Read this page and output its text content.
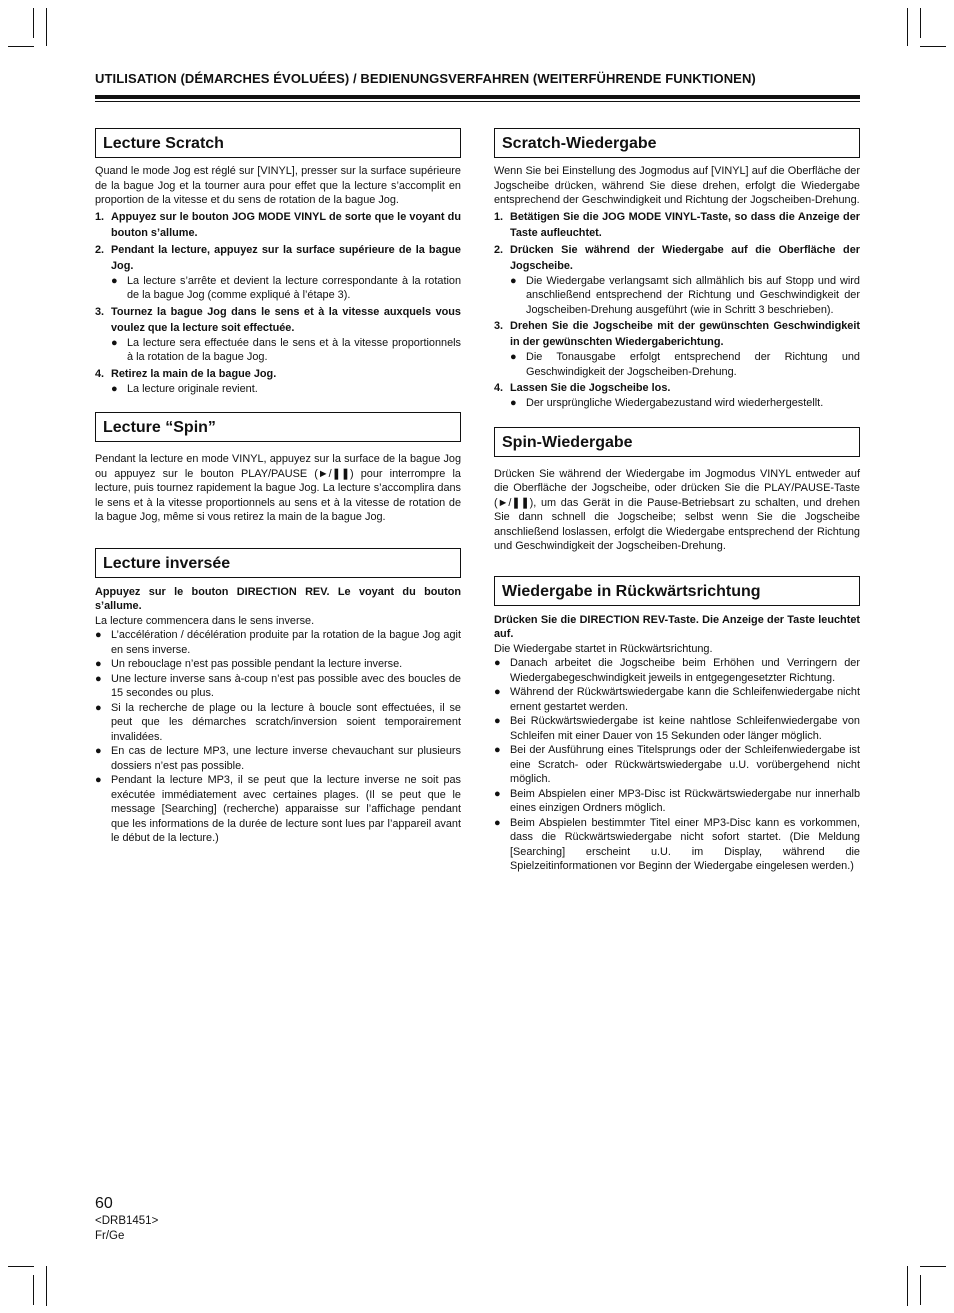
UTILISATION (DÉMARCHES ÉVOLUÉES) / BEDIENUNGSVERFAHREN (WEITERFÜHRENDE FUNKTIONEN)
Lecture Scratch

Quand le mode Jog est réglé sur [VINYL], presser sur la surface supérieure de la bague Jog et la tourner aura pour effet que la lecture s’accomplit en proportion de la vitesse et du sens de rotation de la bague Jog.

1. Appuyez sur le bouton JOG MODE VINYL de sorte que le voyant du bouton s’allume.
2. Pendant la lecture, appuyez sur la surface supérieure de la bague Jog.
● La lecture s’arrête et devient la lecture correspondante à la rotation de la bague Jog (comme expliqué à l’étape 3).
3. Tournez la bague Jog dans le sens et à la vitesse auxquels vous voulez que la lecture soit effectuée.
● La lecture sera effectuée dans le sens et à la vitesse proportionnels à la rotation de la bague Jog.
4. Retirez la main de la bague Jog.
● La lecture originale revient.
Lecture “Spin”

Pendant la lecture en mode VINYL, appuyez sur la surface de la bague Jog ou appuyez sur le bouton PLAY/PAUSE (►/❚❚) pour interrompre la lecture, puis tournez rapidement la bague Jog. La lecture s’accomplira dans le sens et à la vitesse proportionnels au sens et à la vitesse de rotation de la bague Jog, même si vous retirez la main de la bague Jog.

Lecture inversée

Appuyez sur le bouton DIRECTION REV. Le voyant du bouton s’allume.

La lecture commencera dans le sens inverse.

● L’accélération / décélération produite par la rotation de la bague Jog agit en sens inverse.
● Un rebouclage n’est pas possible pendant la lecture inverse.
● Une lecture inverse sans à-coup n’est pas possible avec des boucles de 15 secondes ou plus.
● Si la recherche de plage ou la lecture à boucle sont effectuées, il se peut que les démarches scratch/inversion soient temporairement invalidées.
● En cas de lecture MP3, une lecture inverse chevauchant sur plusieurs dossiers n’est pas possible.
● Pendant la lecture MP3, il se peut que la lecture inverse ne soit pas exécutée immédiatement avec certaines plages. (Il se peut que le message [Searching] (recherche) apparaisse sur l’affichage pendant que les informations de la durée de lecture sont lues par l’appareil avant le début de la lecture.)
Scratch-Wiedergabe

Wenn Sie bei Einstellung des Jogmodus auf [VINYL] auf die Oberfläche der Jogscheibe drücken, während Sie diese drehen, erfolgt die Wiedergabe entsprechend der Geschwindigkeit und Richtung der Jogscheiben-Drehung.

1. Betätigen Sie die JOG MODE VINYL-Taste, so dass die Anzeige der Taste aufleuchtet.
2. Drücken Sie während der Wiedergabe auf die Oberfläche der Jogscheibe.
● Die Wiedergabe verlangsamt sich allmählich bis auf Stopp und wird anschließend entsprechend der Richtung und Geschwindigkeit der Jogscheiben-Drehung ausgeführt (wie in Schritt 3 beschrieben).
3. Drehen Sie die Jogscheibe mit der gewünschten Geschwindigkeit in der gewünschten Wiedergaberichtung.
● Die Tonausgabe erfolgt entsprechend der Richtung und Geschwindigkeit der Jogscheiben-Drehung.
4. Lassen Sie die Jogscheibe los.
● Der ursprüngliche Wiedergabezustand wird wiederhergestellt.
Spin-Wiedergabe

Drücken Sie während der Wiedergabe im Jogmodus VINYL entweder auf die Oberfläche der Jogscheibe, oder drücken Sie die PLAY/PAUSE-Taste (►/❚❚), um das Gerät in die Pause-Betriebsart zu schalten, und drehen Sie dann schnell die Jogscheibe; selbst wenn Sie die Jogscheibe anschließend loslassen, erfolgt die Wiedergabe entsprechend der Richtung und Geschwindigkeit der Jogscheiben-Drehung.

Wiedergabe in Rückwärtsrichtung

Drücken Sie die DIRECTION REV-Taste. Die Anzeige der Taste leuchtet auf.

Die Wiedergabe startet in Rückwärtsrichtung.

● Danach arbeitet die Jogscheibe beim Erhöhen und Verringern der Wiedergabegeschwindigkeit jeweils in entgegengesetzter Richtung.
● Während der Rückwärtswiedergabe kann die Schleifenwiedergabe nicht ernent gestartet werden.
● Bei Rückwärtswiedergabe ist keine nahtlose Schleifenwiedergabe von Schleifen mit einer Dauer von 15 Sekunden oder länger möglich.
● Bei der Ausführung eines Titelsprungs oder der Schleifenwiedergabe ist eine Scratch- oder Rückwärtswiedergabe u.U. vorübergehend nicht möglich.
● Beim Abspielen einer MP3-Disc ist Rückwärtswiedergabe nur innerhalb eines einzigen Ordners möglich.
● Beim Abspielen bestimmter Titel einer MP3-Disc kann es vorkommen, dass die Rückwärtswiedergabe nicht sofort startet. (Die Meldung [Searching] erscheint u.U. im Display, während die Spielzeitinformationen vor Beginn der Wiedergabe eingelesen werden.)
60
<DRB1451>
Fr/Ge
